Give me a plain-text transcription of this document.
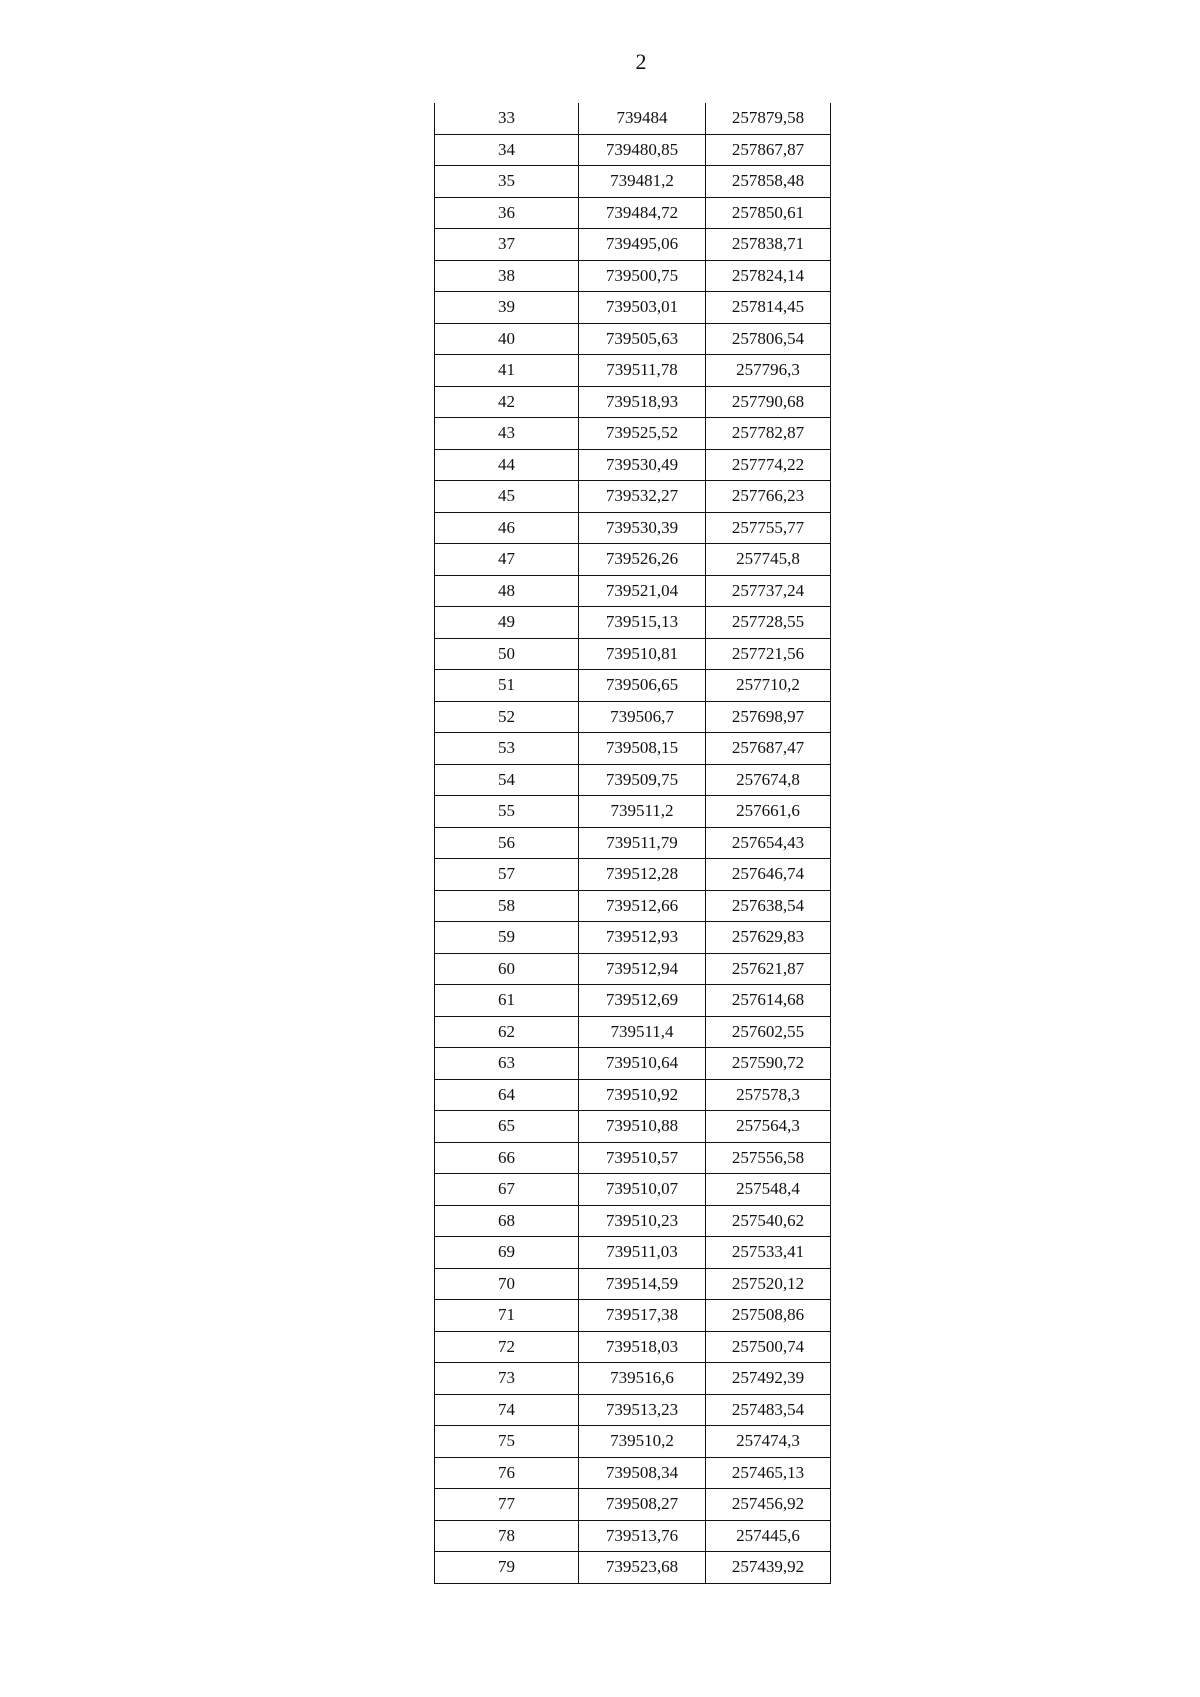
2
33	739484	257879,58
34	739480,85	257867,87
35	739481,2	257858,48
36	739484,72	257850,61
37	739495,06	257838,71
38	739500,75	257824,14
39	739503,01	257814,45
40	739505,63	257806,54
41	739511,78	257796,3
42	739518,93	257790,68
43	739525,52	257782,87
44	739530,49	257774,22
45	739532,27	257766,23
46	739530,39	257755,77
47	739526,26	257745,8
48	739521,04	257737,24
49	739515,13	257728,55
50	739510,81	257721,56
51	739506,65	257710,2
52	739506,7	257698,97
53	739508,15	257687,47
54	739509,75	257674,8
55	739511,2	257661,6
56	739511,79	257654,43
57	739512,28	257646,74
58	739512,66	257638,54
59	739512,93	257629,83
60	739512,94	257621,87
61	739512,69	257614,68
62	739511,4	257602,55
63	739510,64	257590,72
64	739510,92	257578,3
65	739510,88	257564,3
66	739510,57	257556,58
67	739510,07	257548,4
68	739510,23	257540,62
69	739511,03	257533,41
70	739514,59	257520,12
71	739517,38	257508,86
72	739518,03	257500,74
73	739516,6	257492,39
74	739513,23	257483,54
75	739510,2	257474,3
76	739508,34	257465,13
77	739508,27	257456,92
78	739513,76	257445,6
79	739523,68	257439,92
